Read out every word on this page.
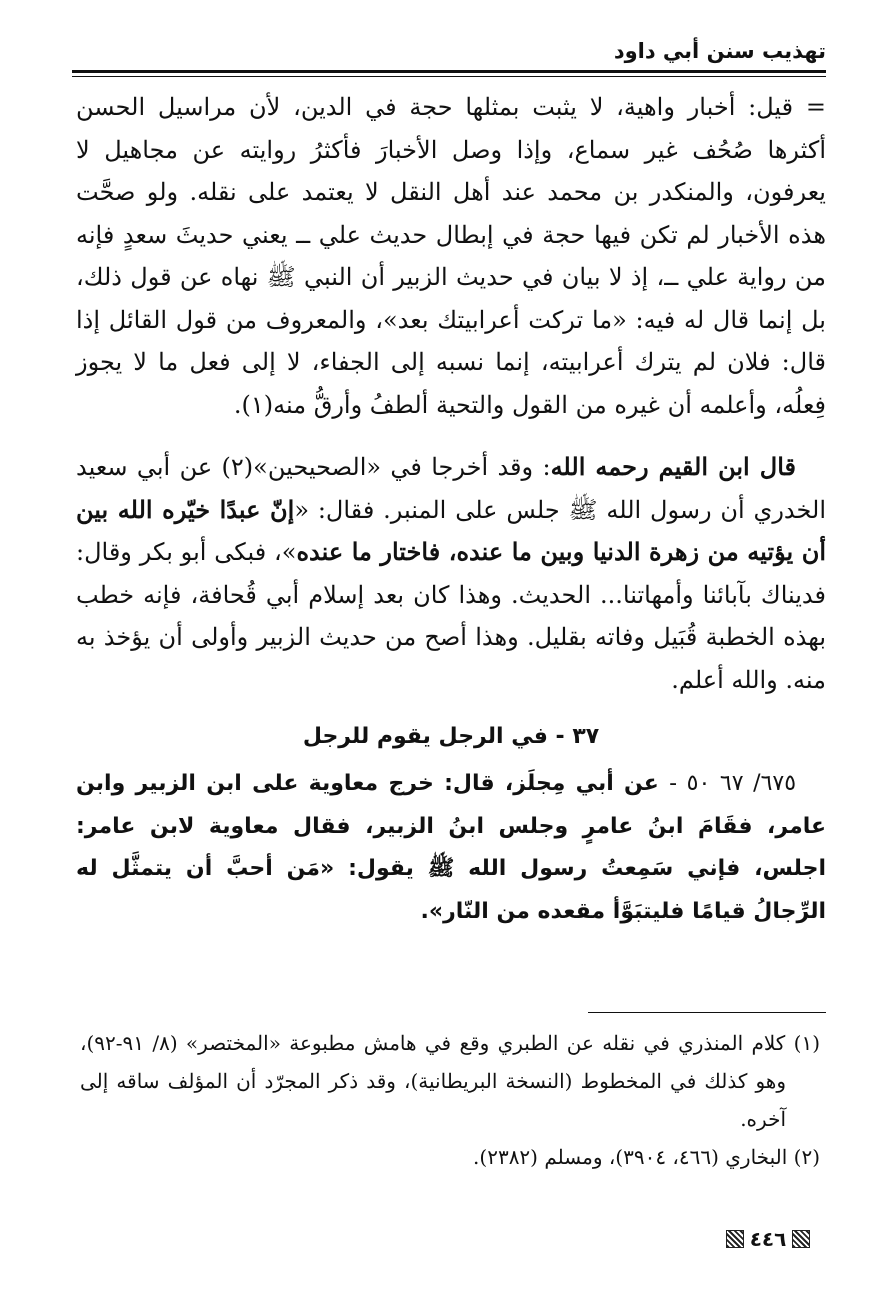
تهذيب سنن أبي داود

= قيل: أخبار واهية، لا يثبت بمثلها حجة في الدين، لأن مراسيل الحسن أكثرها صُحُف غير سماع، وإذا وصل الأخبارَ فأكثرُ روايته عن مجاهيل لا يعرفون، والمنكدر بن محمد عند أهل النقل لا يعتمد على نقله. ولو صحَّت هذه الأخبار لم تكن فيها حجة في إبطال حديث علي ــ يعني حديثَ سعدٍ فإنه من رواية علي ــ، إذ لا بيان في حديث الزبير أن النبي ﷺ نهاه عن قول ذلك، بل إنما قال له فيه: «ما تركت أعرابيتك بعد»، والمعروف من قول القائل إذا قال: فلان لم يترك أعرابيته، إنما نسبه إلى الجفاء، لا إلى فعل ما لا يجوز فِعلُه، وأعلمه أن غيره من القول والتحية ألطفُ وأرقُّ منه(١).

قال ابن القيم رحمه الله: وقد أخرجا في «الصحيحين»(٢) عن أبي سعيد الخدري أن رسول الله ﷺ جلس على المنبر. فقال: «إنّ عبدًا خيّره الله بين أن يؤتيه من زهرة الدنيا وبين ما عنده، فاختار ما عنده»، فبكى أبو بكر وقال: فديناك بآبائنا وأمهاتنا... الحديث. وهذا كان بعد إسلام أبي قُحافة، فإنه خطب بهذه الخطبة قُبَيل وفاته بقليل. وهذا أصح من حديث الزبير وأولى أن يؤخذ به منه. والله أعلم.

٣٧ - في الرجل يقوم للرجل

٦٧٥/ ٦٧ ٥٠ - عن أبي مِجلَز، قال: خرج معاوية على ابن الزبير وابن عامر، فقَامَ ابنُ عامرٍ وجلس ابنُ الزبير، فقال معاوية لابن عامر: اجلس، فإني سَمِعتُ رسول الله ﷺ يقول: «مَن أحبَّ أن يتمثَّل له الرِّجالُ قيامًا فليتبَوَّأ مقعده من النّار».

(١) كلام المنذري في نقله عن الطبري وقع في هامش مطبوعة «المختصر» (٨/ ٩١-٩٢)، وهو كذلك في المخطوط (النسخة البريطانية)، وقد ذكر المجرّد أن المؤلف ساقه إلى آخره.

(٢) البخاري (٤٦٦، ٣٩٠٤)، ومسلم (٢٣٨٢).

٤٤٦
